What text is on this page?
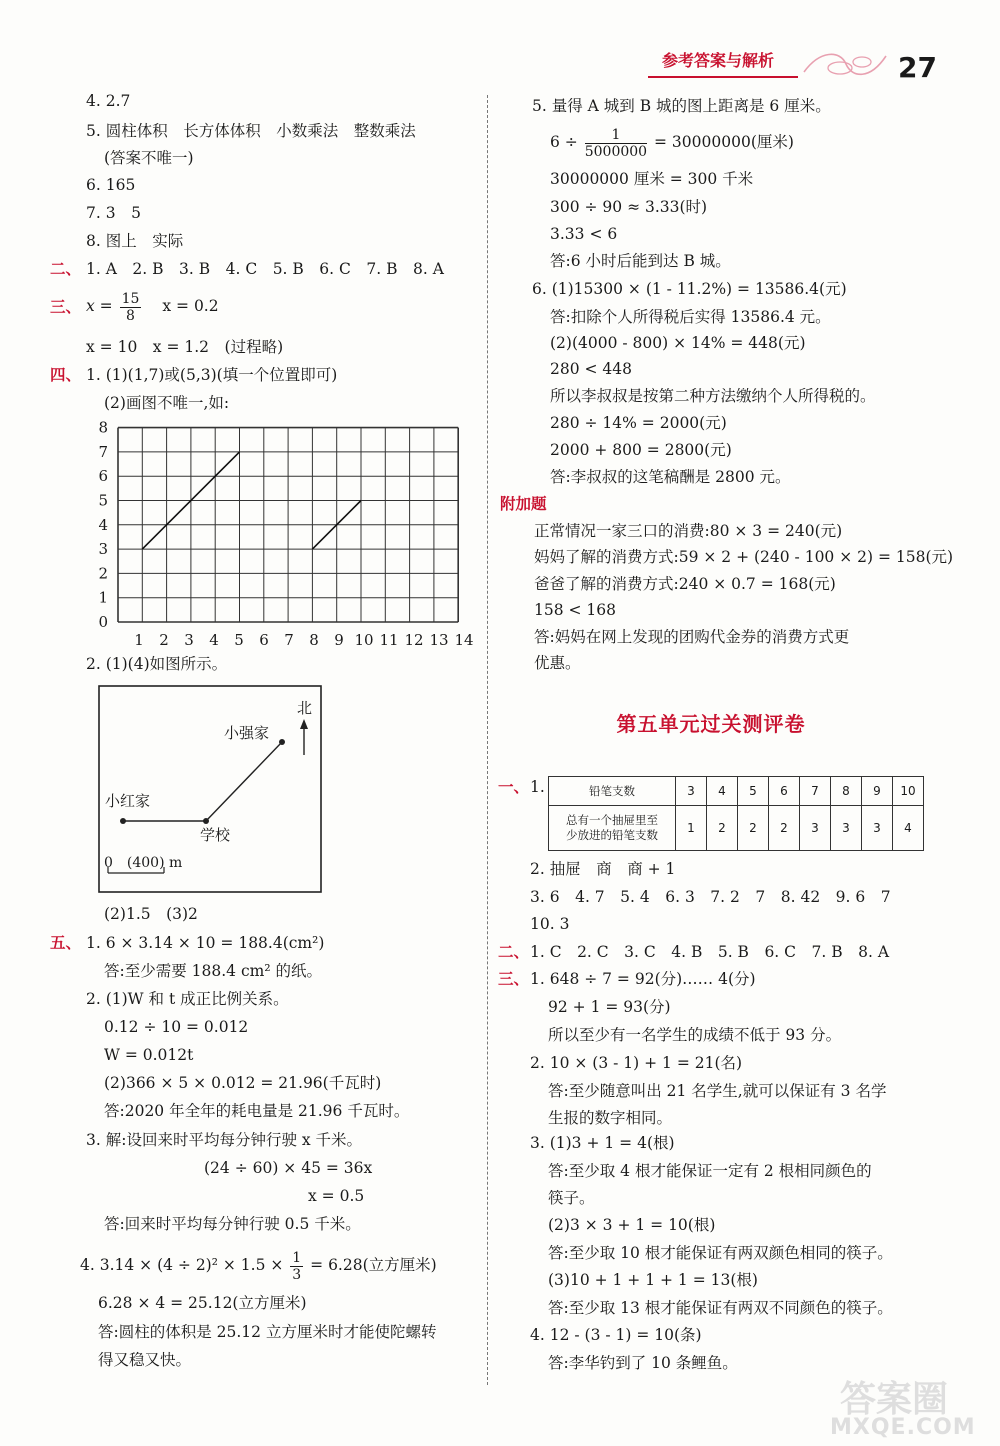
参考答案与解析	27
4. 2.7
5. 圆柱体积　长方体体积　小数乘法　整数乘法
(答案不唯一)
6. 165
7. 3　5
8. 图上　实际
二、 1. A　2. B　3. B　4. C　5. B　6. C　7. B　8. A
三、 $x = \frac{15}{8}$ x = 0.2
x = 10　x = 1.2　(过程略)
四、 1. (1)(1,7)或(5,3)(填一个位置即可)
(2)画图不唯一,如:
8
7
6
5
4
3
2
1
0
1 2 3 4 5 6 7 8 9 10 11 12 13 14
2. (1)(4)如图所示。
北
小强家
小红家
学校
0　(400) m
(2)1.5　(3)2
五、 1. 6 × 3.14 × 10 = 188.4(cm²)
答:至少需要 188.4 cm² 的纸。
2. (1)W 和 t 成正比例关系。
0.12 ÷ 10 = 0.012
W = 0.012t
(2)366 × 5 × 0.012 = 21.96(千瓦时)
答:2020 年全年的耗电量是 21.96 千瓦时。
3. 解:设回来时平均每分钟行驶 x 千米。
(24 ÷ 60) × 45 = 36x
x = 0.5
答:回来时平均每分钟行驶 0.5 千米。
4. $3.14 \times (4 \div 2)^2 \times 1.5 \times \frac{1}{3} = 6.28$(立方厘米)
6.28 × 4 = 25.12(立方厘米)
答:圆柱的体积是 25.12 立方厘米时才能使陀螺转
得又稳又快。
5. 量得 A 城到 B 城的图上距离是 6 厘米。
$6 \div \frac{1}{5000000} = 30000000$(厘米)
30000000 厘米 = 300 千米
300 ÷ 90 ≈ 3.33(时)
3.33 < 6
答:6 小时后能到达 B 城。
6. (1)15300 × (1 - 11.2%) = 13586.4(元)
答:扣除个人所得税后实得 13586.4 元。
(2)(4000 - 800) × 14% = 448(元)
280 < 448
所以李叔叔是按第二种方法缴纳个人所得税的。
280 ÷ 14% = 2000(元)
2000 + 800 = 2800(元)
答:李叔叔的这笔稿酬是 2800 元。
附加题
正常情况一家三口的消费:80 × 3 = 240(元)
妈妈了解的消费方式:59 × 2 + (240 - 100 × 2) = 158(元)
爸爸了解的消费方式:240 × 0.7 = 168(元)
158 < 168
答:妈妈在网上发现的团购代金券的消费方式更
优惠。
第五单元过关测评卷
一、 1.	铅笔支数	3	4	5	6	7	8	9	10

总有一个抽屉里至
少放进的铅笔支数	1	2	2	2	3	3	3	4
2. 抽屉　商　商 + 1
3. 6　4. 7　5. 4　6. 3　7. 2　7　8. 42　9. 6　7
10. 3
二、 1. C　2. C　3. C　4. B　5. B　6. C　7. B　8. A
三、 1. 648 ÷ 7 = 92(分)…… 4(分)
92 + 1 = 93(分)
所以至少有一名学生的成绩不低于 93 分。
2. 10 × (3 - 1) + 1 = 21(名)
答:至少随意叫出 21 名学生,就可以保证有 3 名学
生报的数字相同。
3. (1)3 + 1 = 4(根)
答:至少取 4 根才能保证一定有 2 根相同颜色的
筷子。
(2)3 × 3 + 1 = 10(根)
答:至少取 10 根才能保证有两双颜色相同的筷子。
(3)10 + 1 + 1 + 1 = 13(根)
答:至少取 13 根才能保证有两双不同颜色的筷子。
4. 12 - (3 - 1) = 10(条)
答:李华钓到了 10 条鲤鱼。
答案圈
MXQE.COM
